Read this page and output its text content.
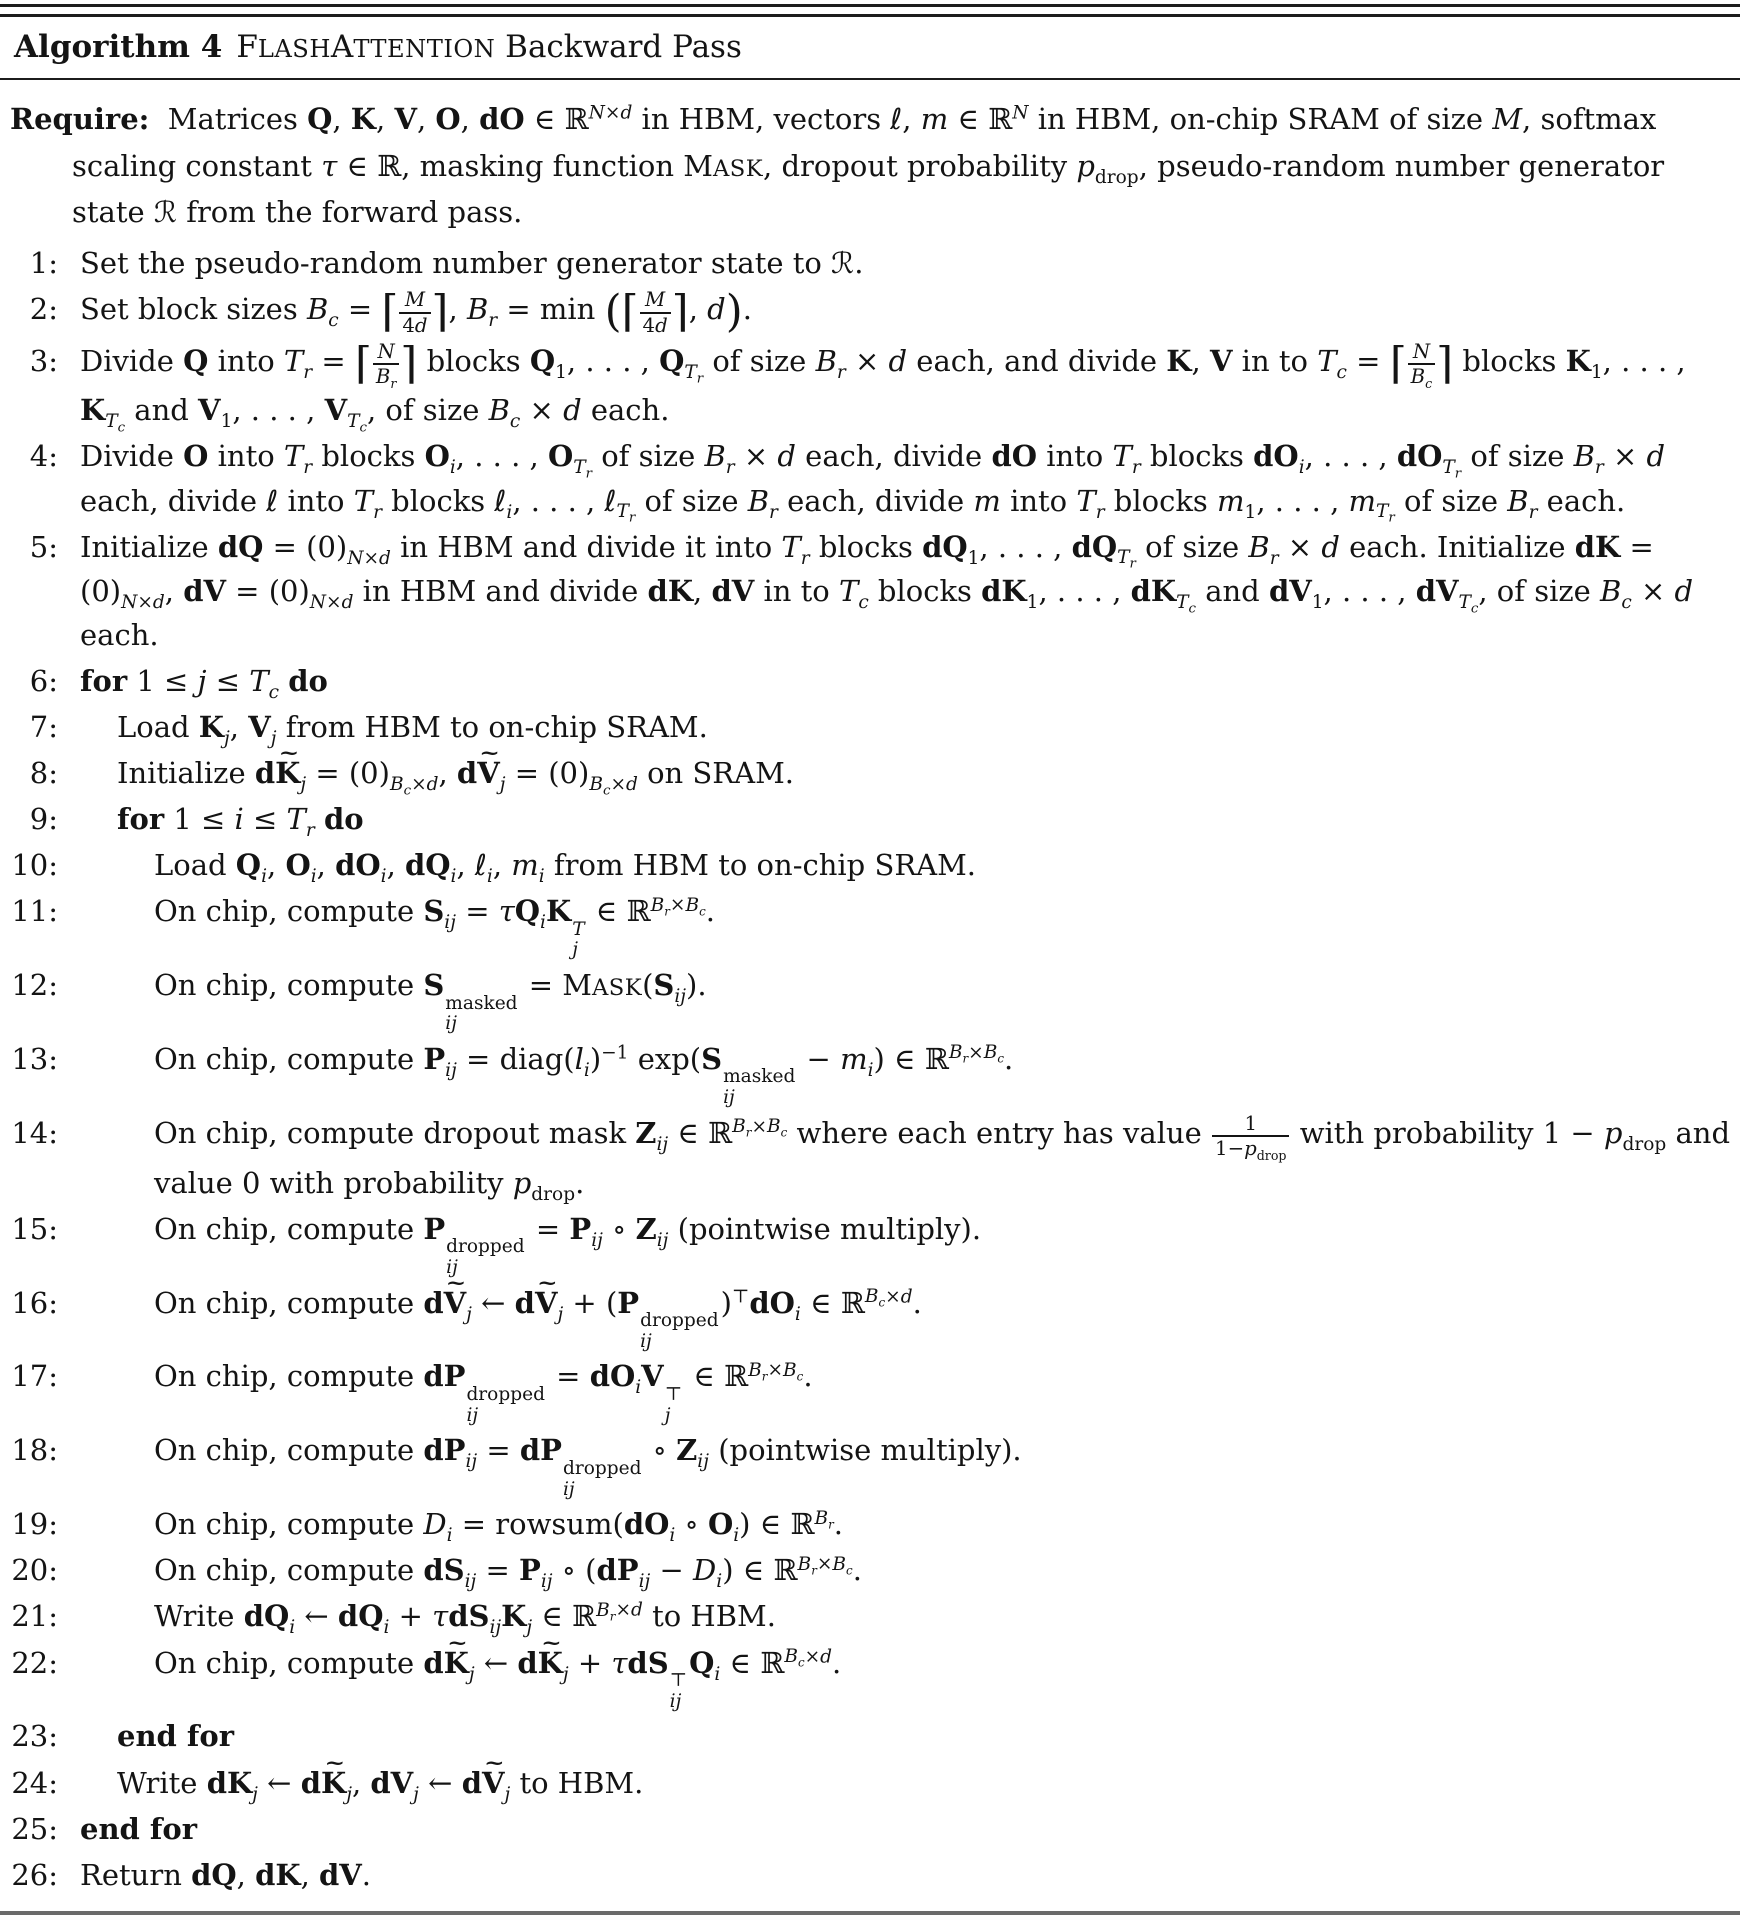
Algorithm 4 FLASHATTENTION Backward Pass

Require:  Matrices Q, K, V, O, dO ∈ ℝ$^{N\times d}$ in HBM, vectors ℓ, m ∈ ℝ$^N$ in HBM, on-chip SRAM of size M, softmax scaling constant τ ∈ ℝ, masking function MASK, dropout probability $p_{drop}$, pseudo-random number generator state ℛ from the forward pass.

1: Set the pseudo-random number generator state to ℛ.
2: Set block sizes $B_c$ = ⌈ $\frac{M}{4d}$ ⌉, $B_r = \min$ (⌈ $\frac{M}{4d}$ ⌉, d).
3: Divide Q into $T_r$ = ⌈ $\frac{N}{B_r}$ ⌉ blocks $Q_1$, . . . , $Q_{T_r}$ of size $B_r \times d$ each, and divide K, V in to $T_c$ = ⌈ $\frac{N}{B_c}$ ⌉ blocks $K_1$, . . . , $K_{T_c}$ and $V_1$, . . . , $V_{T_c}$, of size $B_c \times d$ each.
4: Divide O into $T_r$ blocks $O_i$, . . . , $O_{T_r}$ of size $B_r \times d$ each, divide dO into $T_r$ blocks $dO_i$, . . . , $dO_{T_r}$ of size $B_r \times d$ each, divide ℓ into $T_r$ blocks ℓ$_i$, . . . , ℓ$_{T_r}$ of size $B_r$ each, divide m into $T_r$ blocks $m_1$, . . . , $m_{T_r}$ of size $B_r$ each.
5: Initialize dQ = $(0)_{N\times d}$ in HBM and divide it into $T_r$ blocks $dQ_1$, . . . , $dQ_{T_r}$ of size $B_r \times d$ each. Initialize dK = $(0)_{N\times d}$, dV = $(0)_{N\times d}$ in HBM and divide dK, dV in to $T_c$ blocks $dK_1$, . . . , $dK_{T_c}$ and $dV_1$, . . . , $dV_{T_c}$, of size $B_c \times d$ each.
6: for $1 \le j \le T_c$ do
7:	Load $K_j$, $V_j$ from HBM to on-chip SRAM.
8:	Initialize dK $\sim_j = (0)_{B_c\times d}$, dV $\sim_j = (0)_{B_c\times d}$ on SRAM.
9:	for $1 \le i \le T_r$ do
10:	Load $Q_i$, $O_i$, $dO_i$, $dQ_i$, ℓ$_i$, $m_i$ from HBM to on-chip SRAM.
11:	On chip, compute $S_{ij} = \tau Q_iK$
T
j
∈ ℝ$^{B_r\times B_c}$.
12:	On chip, compute S
masked
ij
= $MASK(S_{ij})$.
13:	On chip, compute $P_{ij}$ = $diag(l_i)^{-1}$ exp(S
masked
ij
− $m_i$) ∈ ℝ$^{B_r\times B_c}$.
14:	On chip, compute dropout mask $Z_{ij}$ ∈ ℝ$^{B_r\times B_c}$ where each entry has value	1
$1-p_{drop}$
with probability $1 - p_{drop}$ and value 0 with probability $p_{drop}$.
15:	On chip, compute P
dropped
ij
= $P_{ij}$ ∘ $Z_{ij}$ (pointwise multiply).
16:	On chip, compute dV $\sim_j$ ← dV $\sim_j + (P$
dropped
ij
)$^⊤dO_i$ ∈ ℝ$^{B_c\times d}$.
17:	On chip, compute dP
dropped
ij
= $dO_iV$
⊤
j
∈ ℝ$^{B_r\times B_c}$.
18:	On chip, compute $dP_{ij}$ = dP
dropped
ij
∘ $Z_{ij}$ (pointwise multiply).
19:	On chip, compute $D_i$ = $rowsum(dO_i$ ∘ $O_i$) ∈ ℝ$^{B_r}$.
20:	On chip, compute $dS_{ij} = P_{ij}$ ∘ $(dP_{ij} - D_i)$ ∈ ℝ$^{B_r\times B_c}$.
21:	Write $dQ_i$ ← $dQ_i + \tau dS_{ij}K_j$ ∈ ℝ$^{B_r\times d}$ to HBM.
22:	On chip, compute dK $\sim_j$ ← dK $\sim_j + \tau dS$
⊤
ij
$Q_i$ ∈ ℝ$^{B_c\times d}$.
23:	end for
24:	Write $dK_j$ ← dK $\sim_j$, $dV_j$ ← dV $\sim_j$ to HBM.
25: end for
26: Return dQ, dK, dV.
